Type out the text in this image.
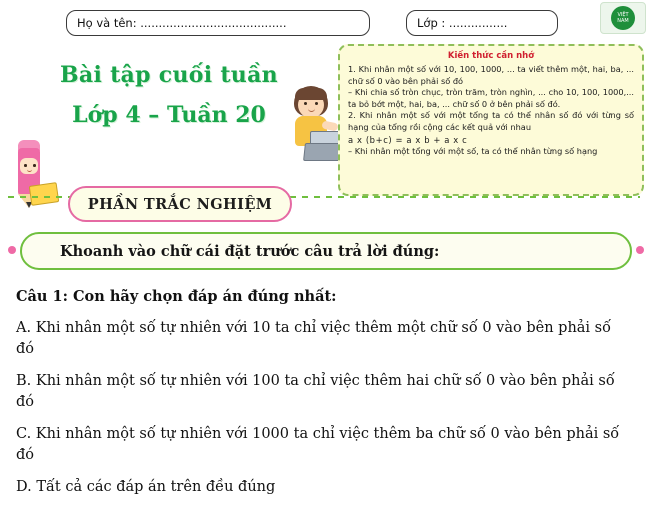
Họ và tên: ........................................	Lớp : ................
VIỆT NAM
Bài tập cuối tuần
Lớp 4 – Tuần 20
Kiến thức cần nhớ
1. Khi nhân một số với 10, 100, 1000, ... ta viết thêm một, hai, ba, ... chữ số 0 vào bên phải số đó
– Khi chia số tròn chục, tròn trăm, tròn nghìn, ... cho 10, 100, 1000,... ta bỏ bớt một, hai, ba, ... chữ số 0 ở bên phải số đó.
2. Khi nhân một số với một tổng ta có thể nhân số đó với từng số hạng của tổng rồi cộng các kết quả với nhau
a x (b+c) = a x b + a x c
– Khi nhân một tổng với một số, ta có thể nhân từng số hạng
PHẦN TRẮC NGHIỆM
Khoanh vào chữ cái đặt trước câu trả lời đúng:
Câu 1: Con hãy chọn đáp án đúng nhất:
A. Khi nhân một số tự nhiên với 10 ta chỉ việc thêm một chữ số 0 vào bên phải số đó
B. Khi nhân một số tự nhiên với 100 ta chỉ việc thêm hai chữ số 0 vào bên phải số đó
C. Khi nhân một số tự nhiên với 1000 ta chỉ việc thêm ba chữ số 0 vào bên phải số đó
D. Tất cả các đáp án trên đều đúng
